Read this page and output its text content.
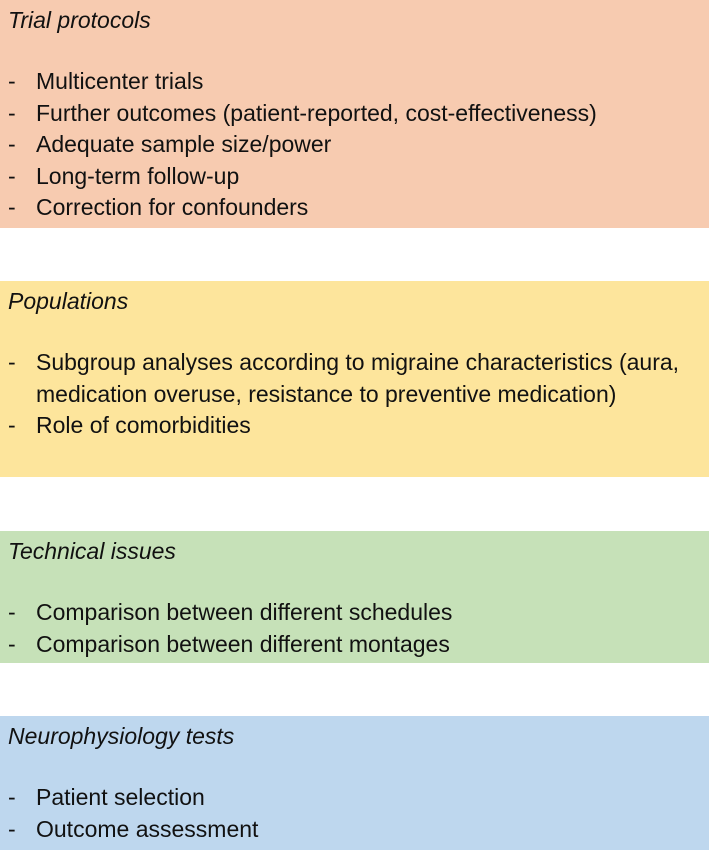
Trial protocols
- Multicenter trials
- Further outcomes (patient-reported, cost-effectiveness)
- Adequate sample size/power
- Long-term follow-up
- Correction for confounders
Populations
- Subgroup analyses according to migraine characteristics (aura, medication overuse, resistance to preventive medication)
- Role of comorbidities
Technical issues
- Comparison between different schedules
- Comparison between different montages
Neurophysiology tests
- Patient selection
- Outcome assessment
